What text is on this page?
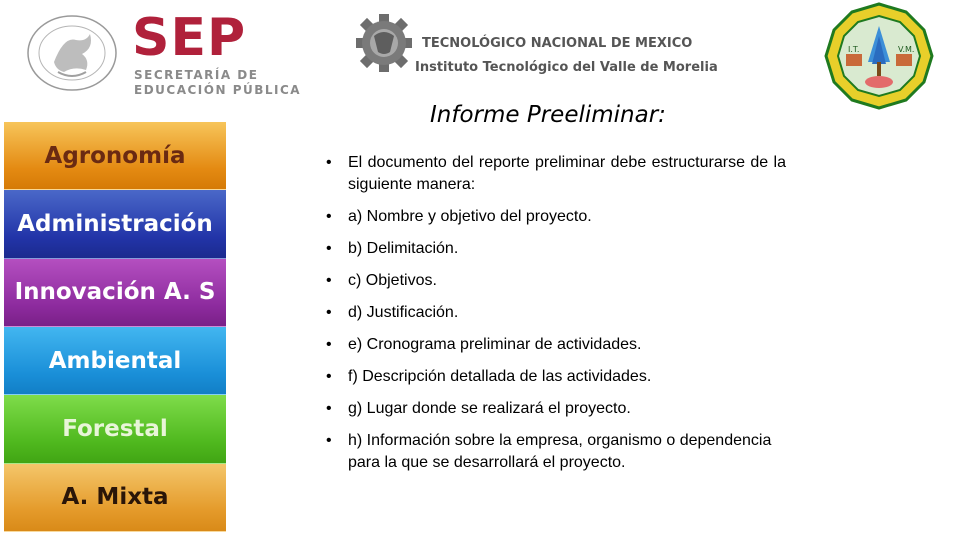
SEP
SECRETARÍA DE
EDUCACIÓN PÚBLICA
TECNOLÓGICO NACIONAL DE MEXICO
Instituto Tecnológico del Valle de Morelia
I.T.	V.M.
Agronomía
Administración
Innovación A. S
Ambiental
Forestal
A. Mixta
Informe Preeliminar:
• El documento del reporte preliminar debe estructurarse de la siguiente manera:
• a) Nombre y objetivo del proyecto.
• b) Delimitación.
• c) Objetivos.
• d) Justificación.
• e) Cronograma preliminar de actividades.
• f) Descripción detallada de las actividades.
• g) Lugar donde se realizará el proyecto.
• h) Información sobre la empresa, organismo o dependencia para la que se desarrollará el proyecto.
